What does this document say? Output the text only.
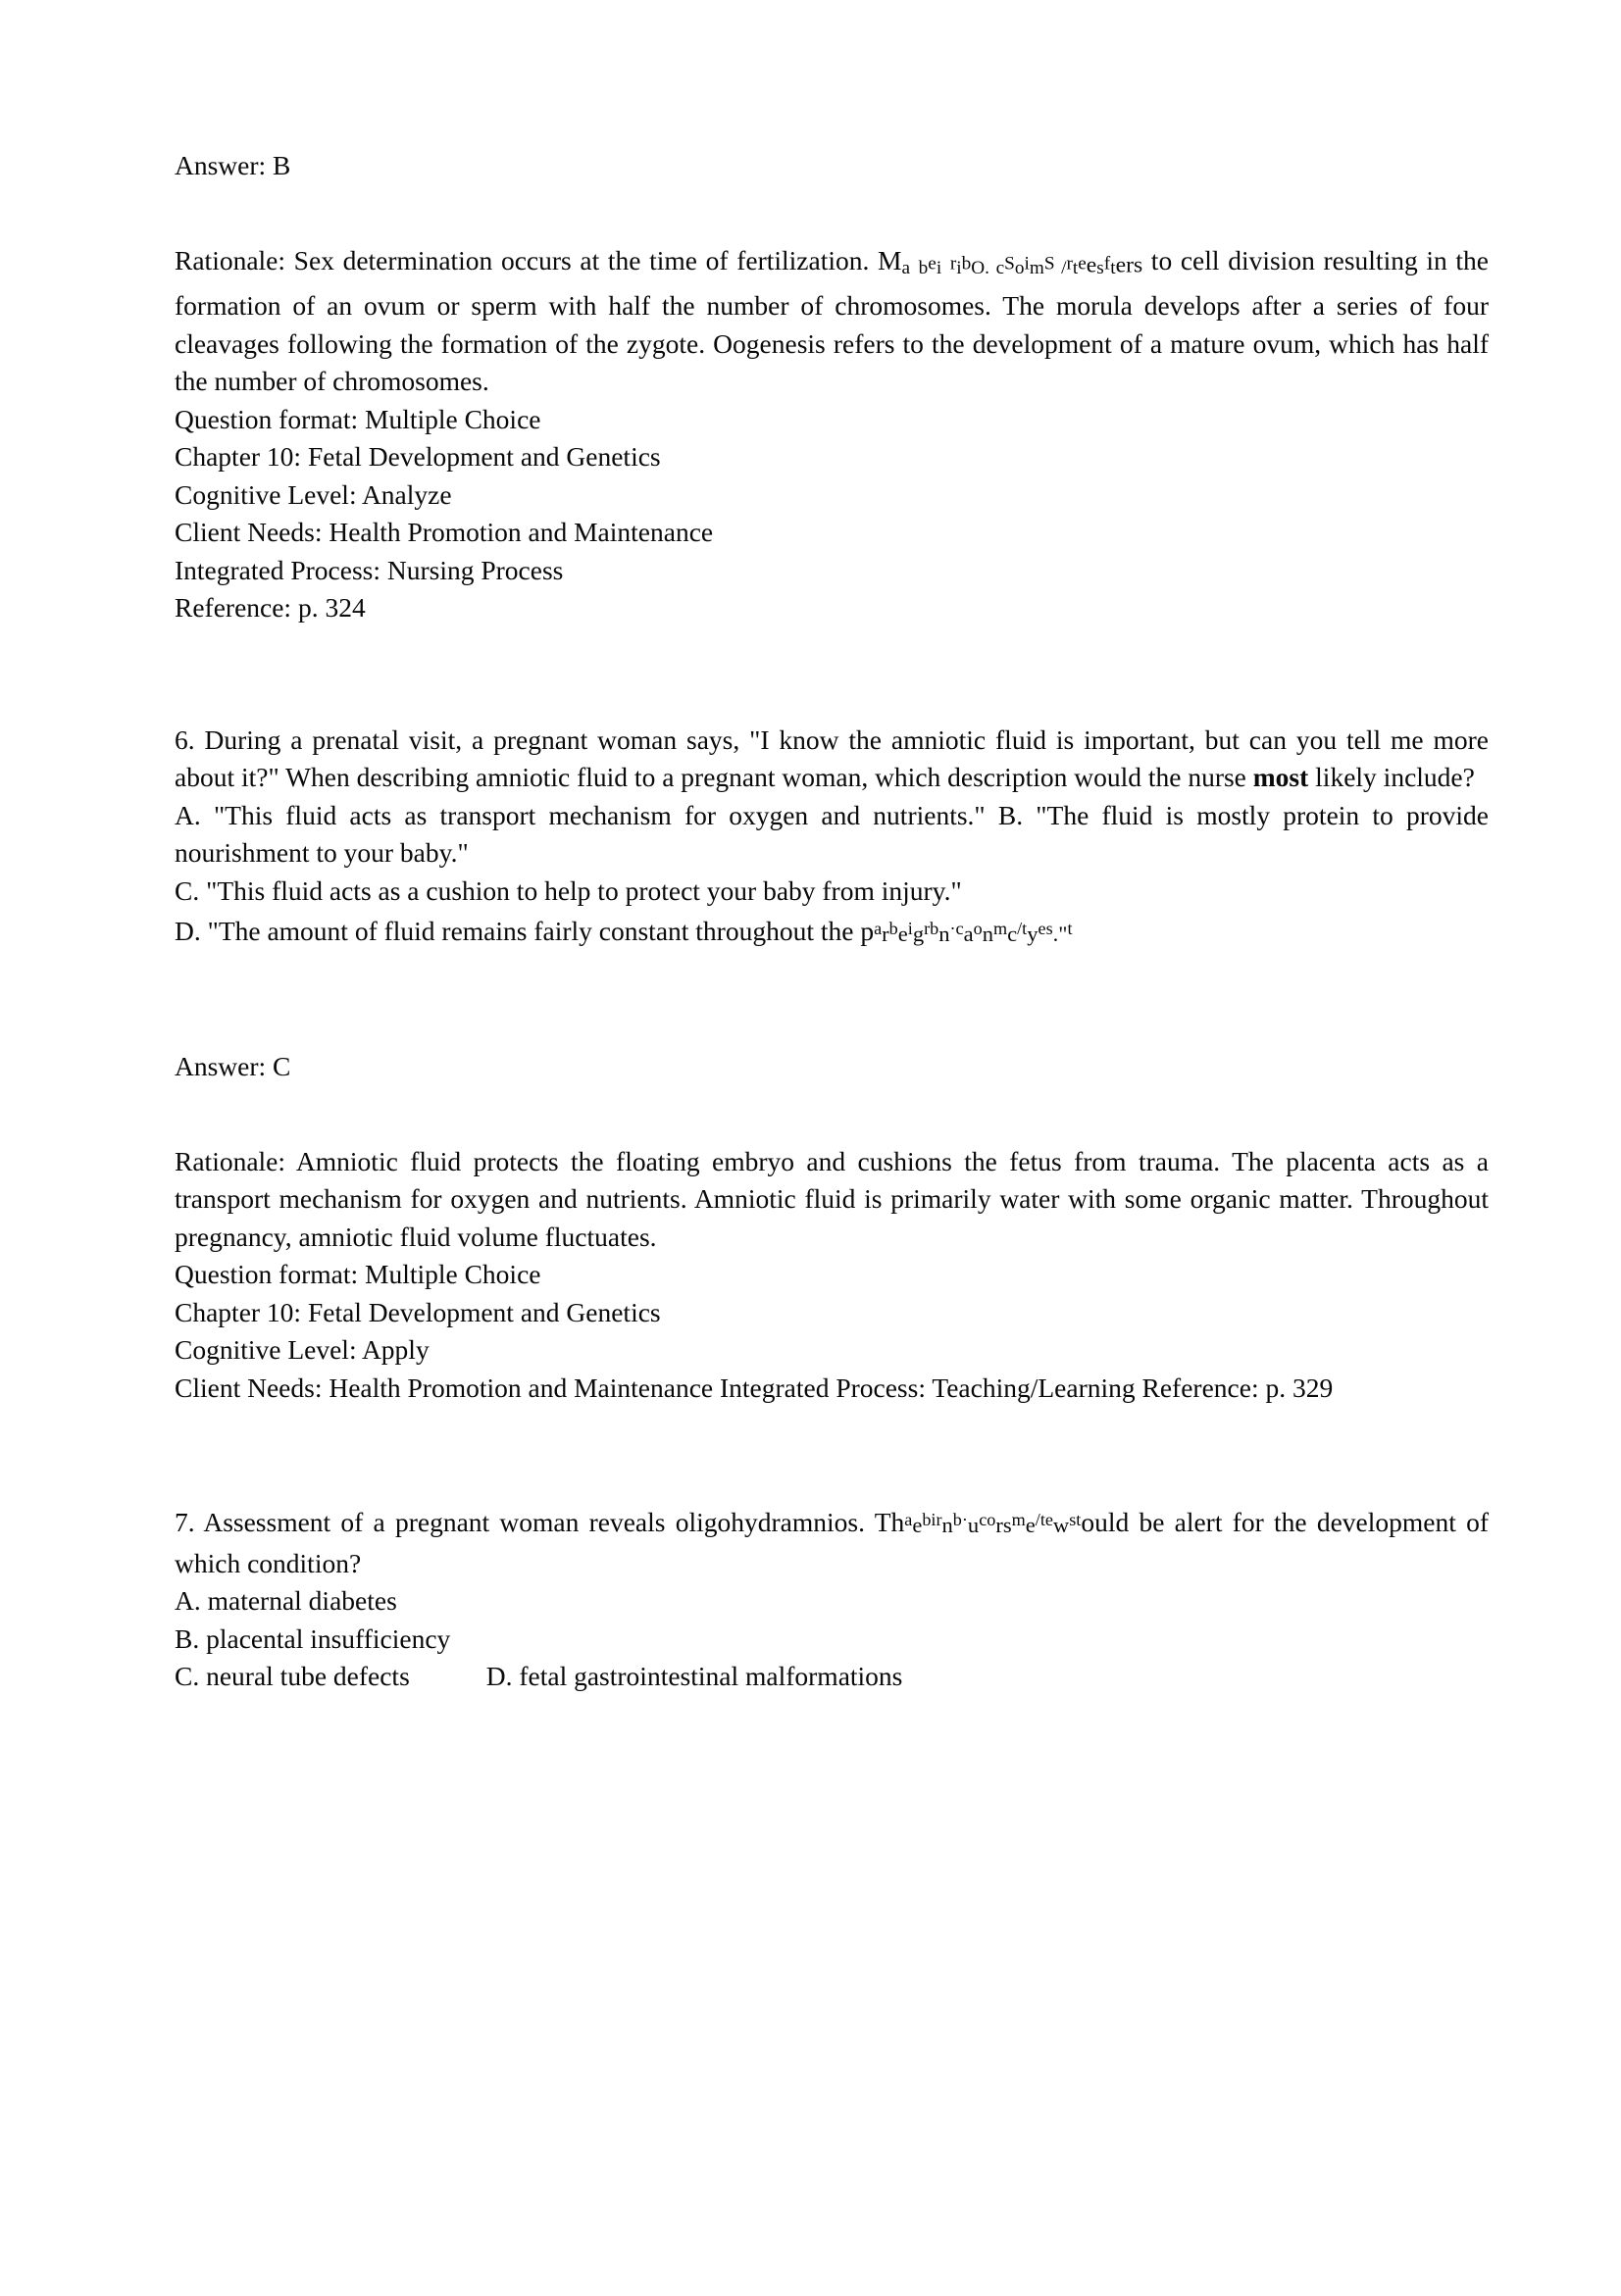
Answer: B
Rationale: Sex determination occurs at the time of fertilization. Ma bei ribO. cSoimS /rteesfters to cell division resulting in the formation of an ovum or sperm with half the number of chromosomes. The morula develops after a series of four cleavages following the formation of the zygote. Oogenesis refers to the development of a mature ovum, which has half the number of chromosomes.
Question format: Multiple Choice
Chapter 10: Fetal Development and Genetics
Cognitive Level: Analyze
Client Needs: Health Promotion and Maintenance
Integrated Process: Nursing Process
Reference: p. 324
6. During a prenatal visit, a pregnant woman says, "I know the amniotic fluid is important, but can you tell me more about it?" When describing amniotic fluid to a pregnant woman, which description would the nurse most likely include?
A. "This fluid acts as transport mechanism for oxygen and nutrients." B. "The fluid is mostly protein to provide nourishment to your baby."
C. "This fluid acts as a cushion to help to protect your baby from injury."
D. "The amount of fluid remains fairly constant throughout the $p^ar^be^ig^{rb}n^{\cdot c}a^on^mc^{/t}y^{es}."^t$
Answer: C
Rationale: Amniotic fluid protects the floating embryo and cushions the fetus from trauma. The placenta acts as a transport mechanism for oxygen and nutrients. Amniotic fluid is primarily water with some organic matter. Throughout pregnancy, amniotic fluid volume fluctuates.
Question format: Multiple Choice
Chapter 10: Fetal Development and Genetics
Cognitive Level: Apply
Client Needs: Health Promotion and Maintenance Integrated Process: Teaching/Learning Reference: p. 329
7. Assessment of a pregnant woman reveals oligohydramnios. $Th^ae^{bir}n^{b\cdot}u^{co}rs^me^{/te}w^{st}ould$ be alert for the development of which condition?
A. maternal diabetes
B. placental insufficiency
C. neural tube defects	D. fetal gastrointestinal malformations
